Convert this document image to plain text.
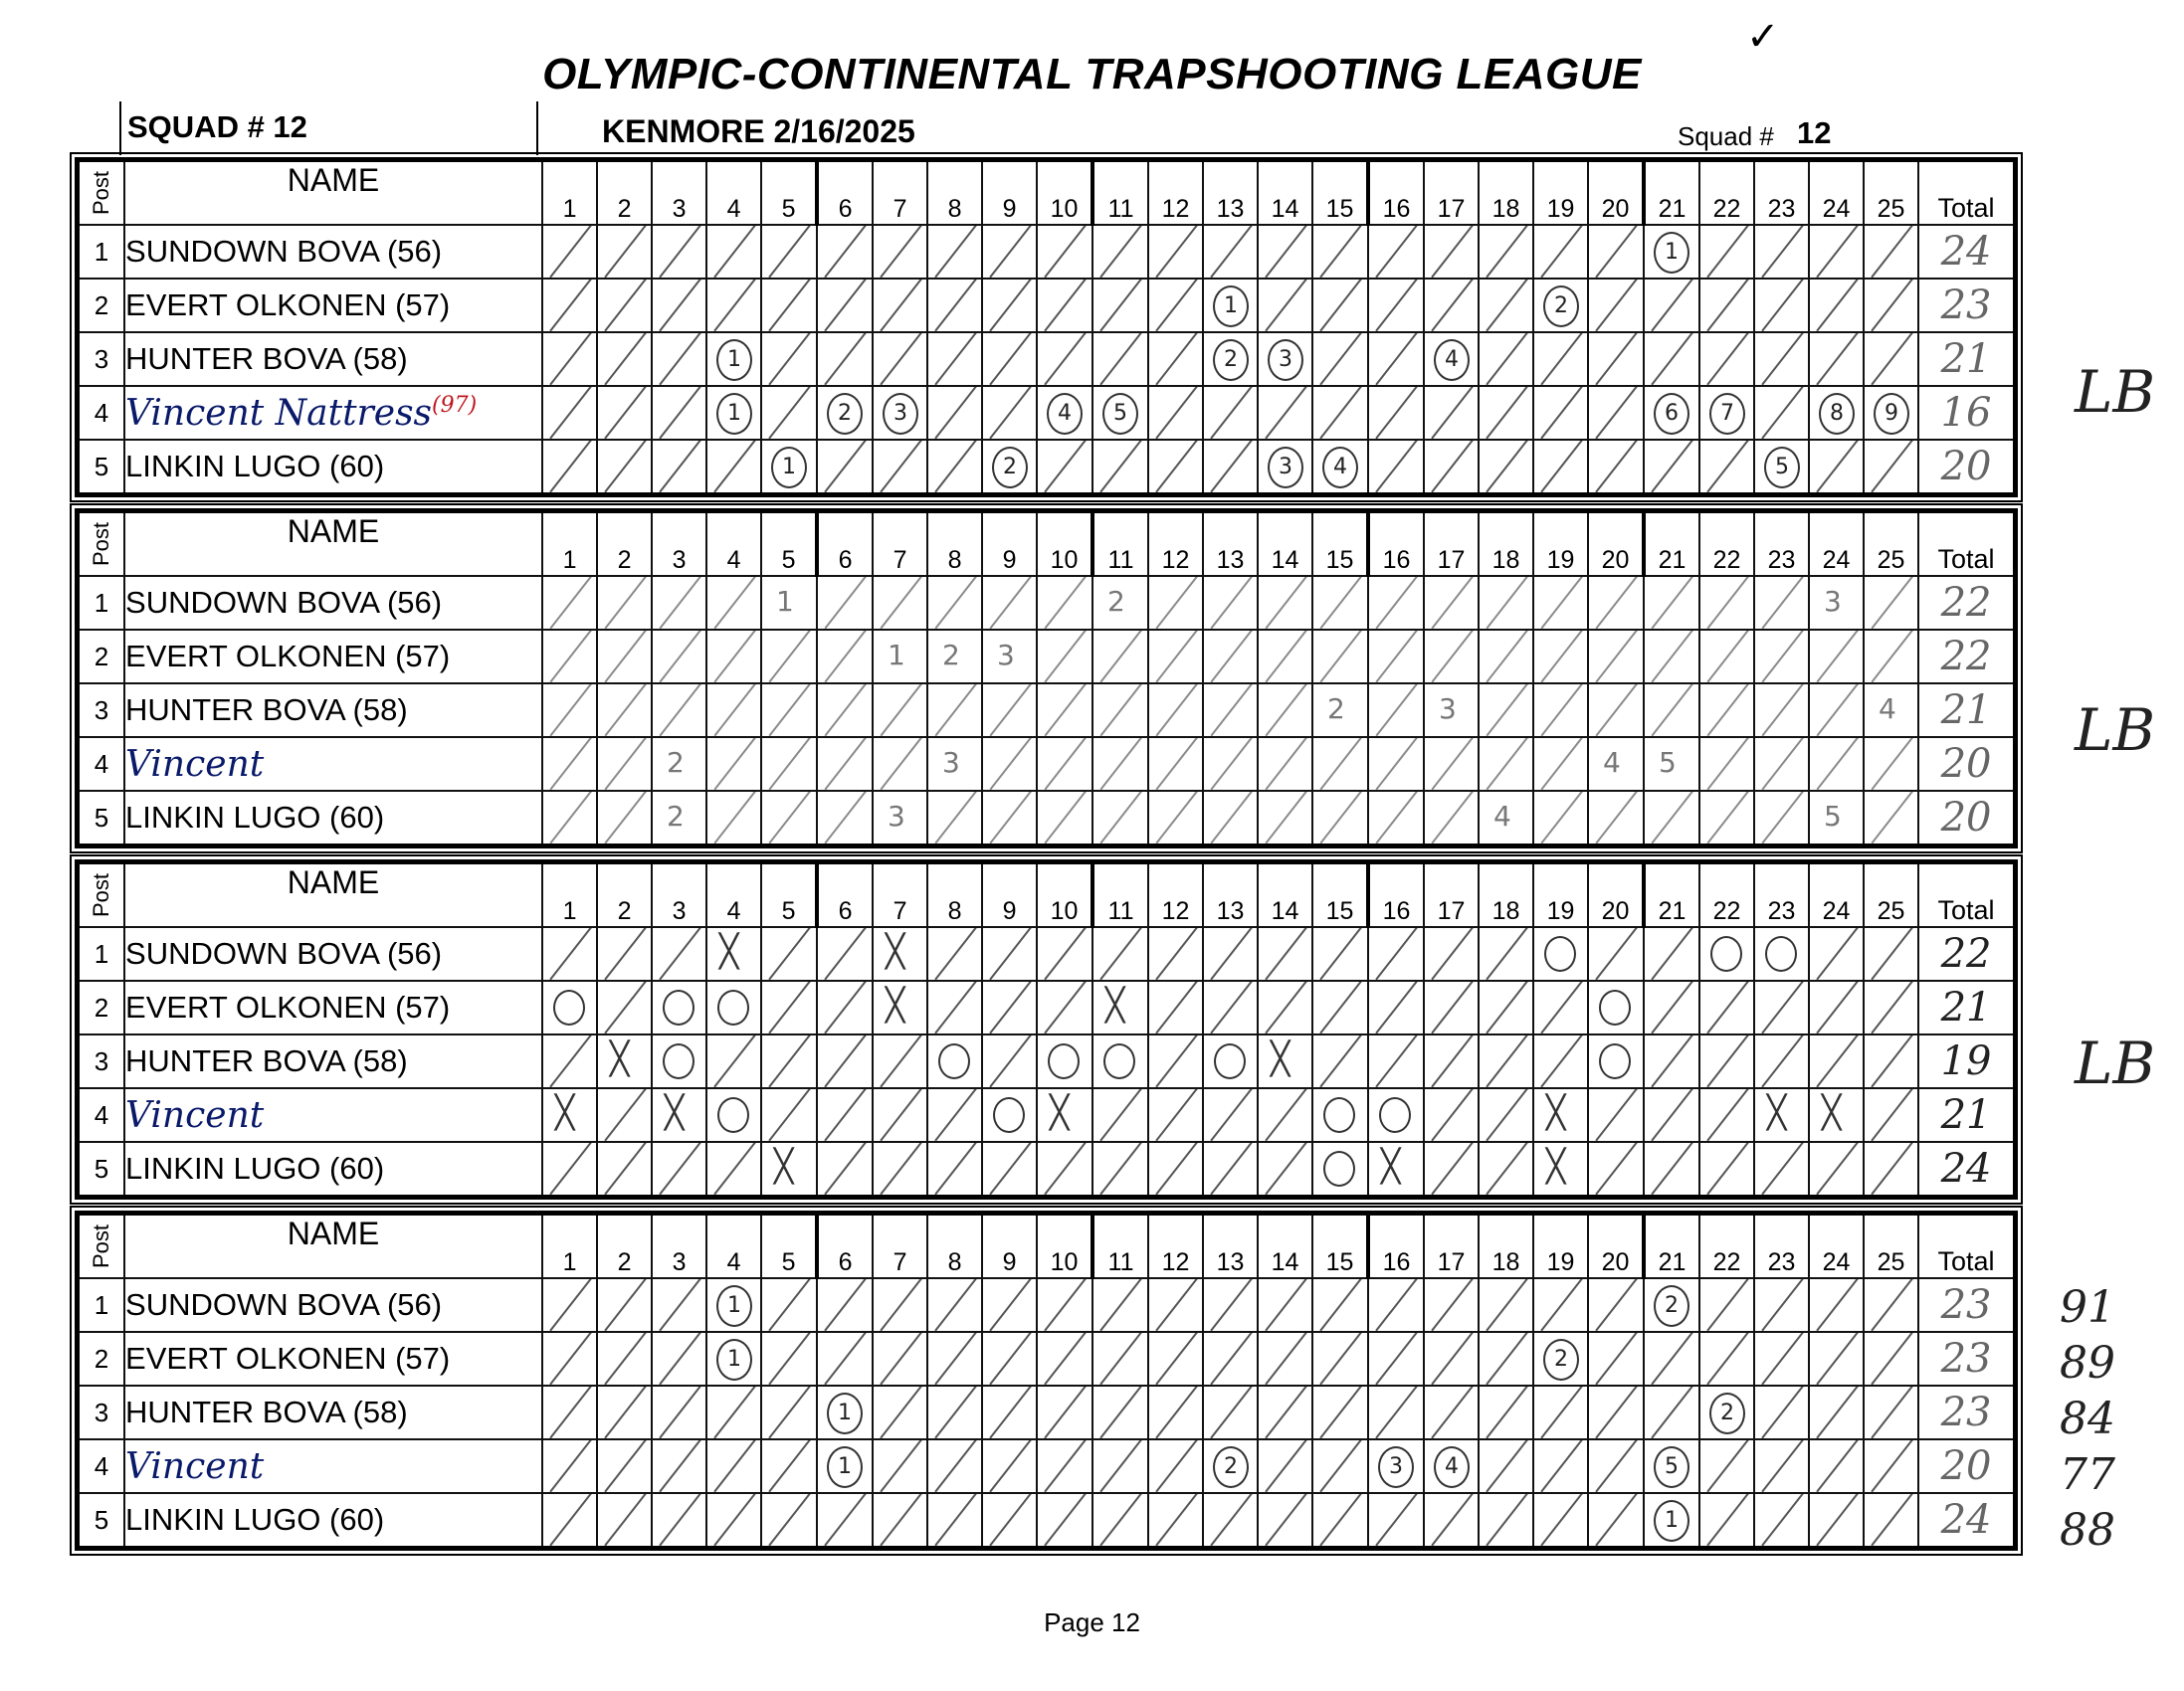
OLYMPIC-CONTINENTAL TRAPSHOOTING LEAGUE
✓
SQUAD # 12	KENMORE 2/16/2025	Squad # 12
Post	NAME	1	2	3	4	5	6	7	8	9	10	11	12	13	14	15	16	17	18	19	20	21	22	23	24	25	Total
1	SUNDOWN BOVA (56)																					1					24
2	EVERT OLKONEN (57)													1						2							23
3	HUNTER BOVA (58)				1									2	3			4									21
4	Vincent Nattress$^{(97)}$				1		2	3			4	5										6	7		8	9	16
5	LINKIN LUGO (60)					1				2					3	4								5			20
Post	NAME	1	2	3	4	5	6	7	8	9	10	11	12	13	14	15	16	17	18	19	20	21	22	23	24	25	Total
1	SUNDOWN BOVA (56)					1						2													3		22
2	EVERT OLKONEN (57)							1	2	3																	22
3	HUNTER BOVA (58)															2		3								4	21
4	Vincent			2					3												4	5					20
5	LINKIN LUGO (60)			2				3											4						5		20
Post	NAME	1	2	3	4	5	6	7	8	9	10	11	12	13	14	15	16	17	18	19	20	21	22	23	24	25	Total
1	SUNDOWN BOVA (56)				╳			╳																			22
2	EVERT OLKONEN (57)							╳				╳															21
3	HUNTER BOVA (58)		╳												╳												19
4	Vincent	╳		╳							╳									╳				╳	╳		21
5	LINKIN LUGO (60)					╳											╳			╳							24
91
89
84
77
88
Post	NAME	1	2	3	4	5	6	7	8	9	10	11	12	13	14	15	16	17	18	19	20	21	22	23	24	25	Total
1	SUNDOWN BOVA (56)				1																	2					23
2	EVERT OLKONEN (57)				1															2							23
3	HUNTER BOVA (58)						1																2				23
4	Vincent						1							2			3	4				5					20
5	LINKIN LUGO (60)																					1					24
Page 12
LB
LB
LB
